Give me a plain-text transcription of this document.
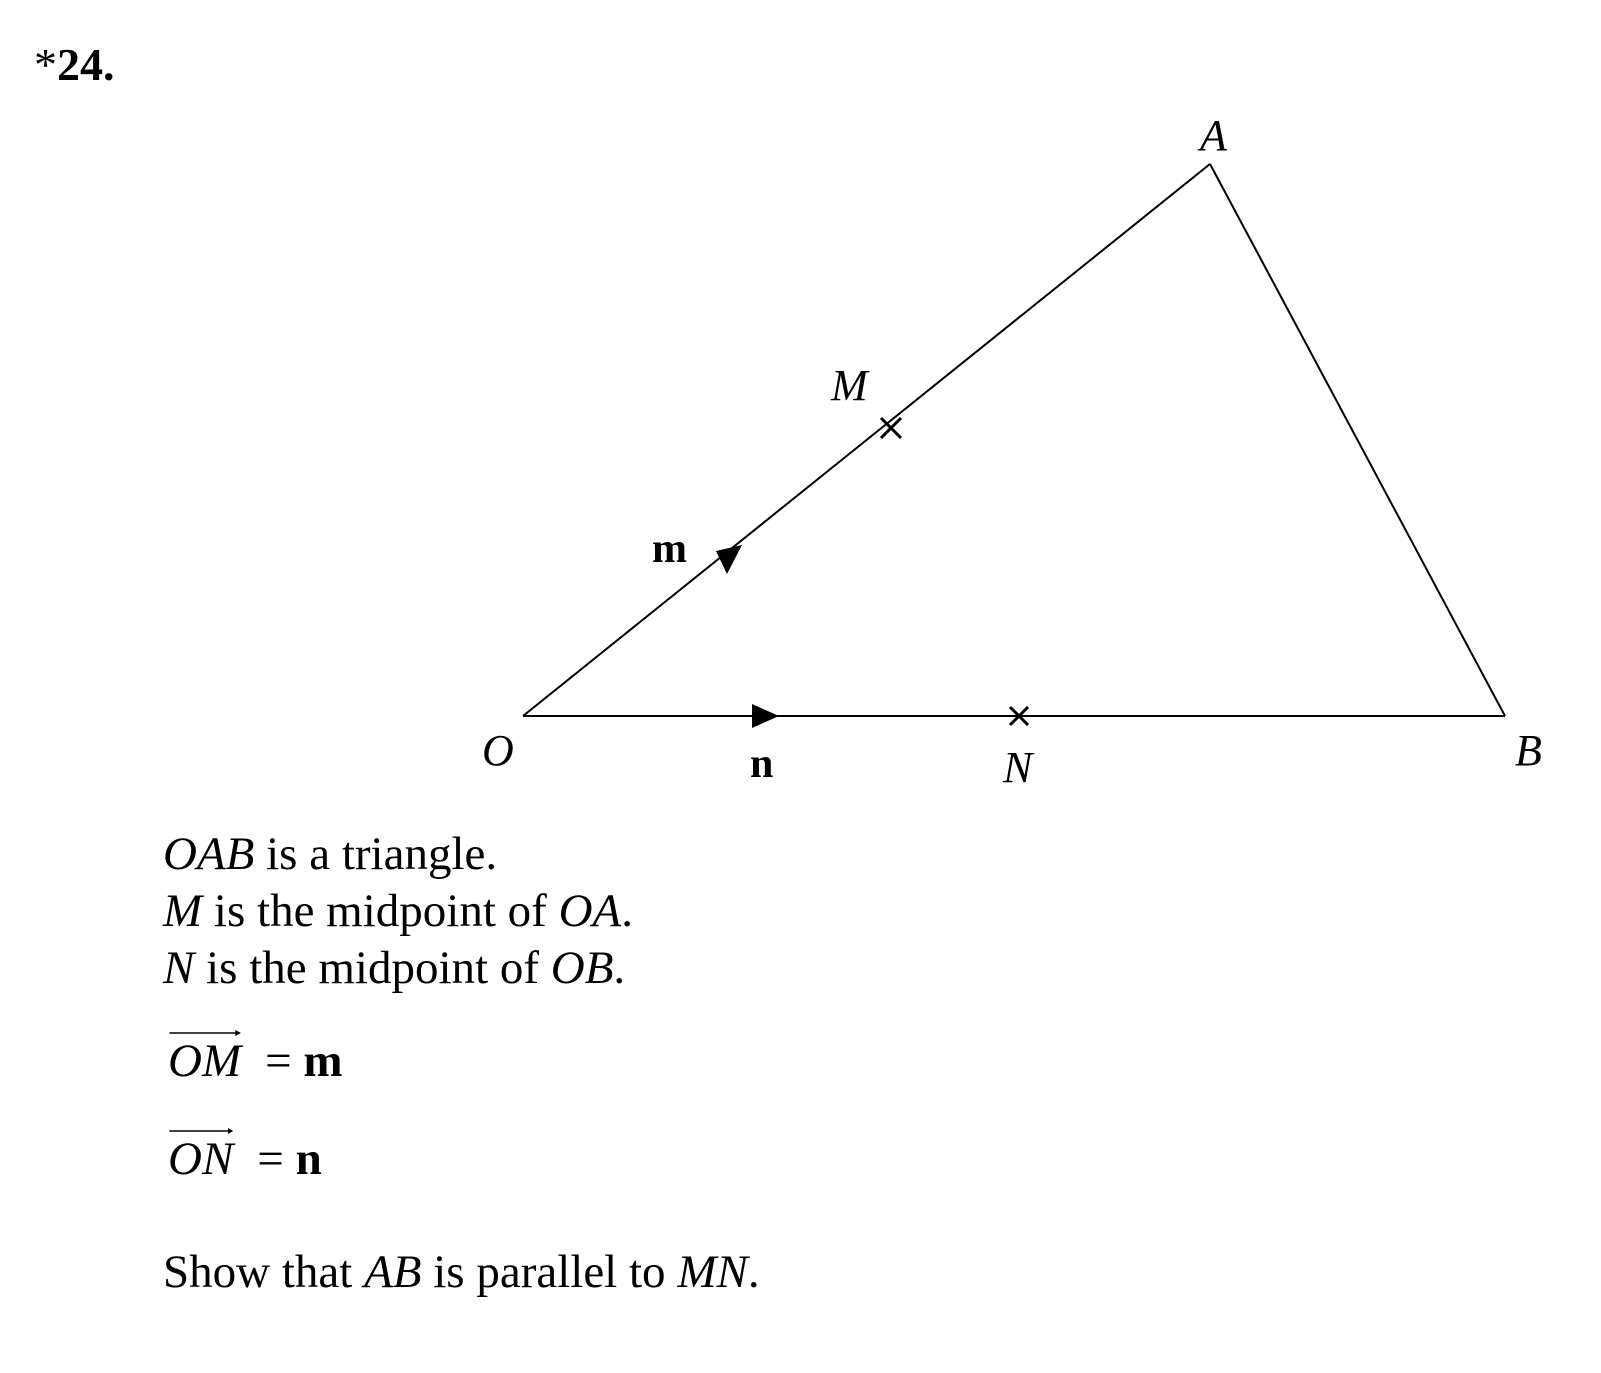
*24.
A
O	B
M
N
m
n
OAB is a triangle.
M is the midpoint of OA.
N is the midpoint of OB.
OM = m
ON = n
Show that AB is parallel to MN.
